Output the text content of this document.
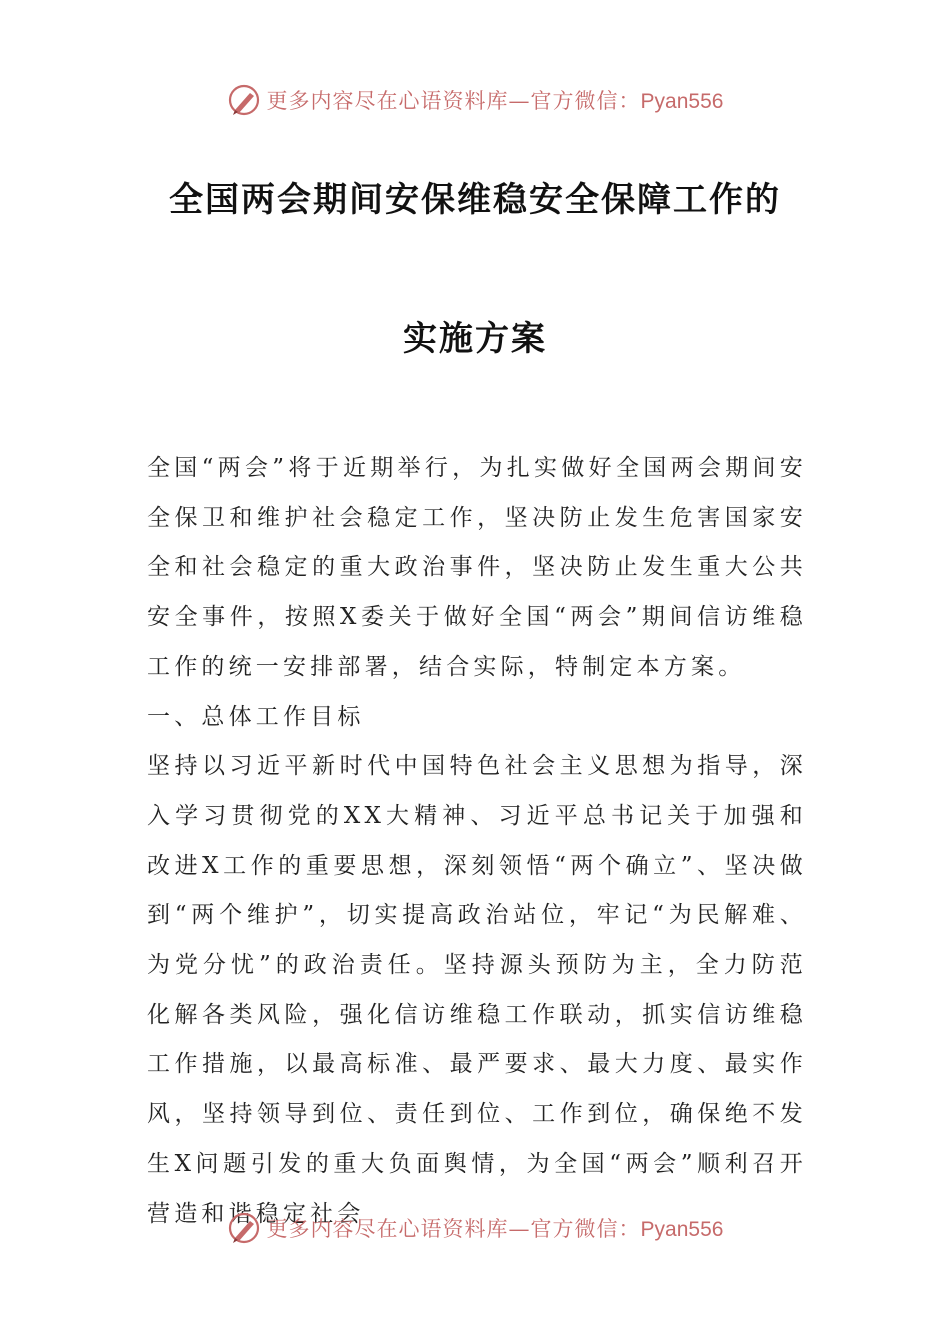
更多内容尽在心语资料库—官方微信：Pyan556
全国两会期间安保维稳安全保障工作的
实施方案

全国“两会”将于近期举行，为扎实做好全国两会期间安全保卫和维护社会稳定工作，坚决防止发生危害国家安全和社会稳定的重大政治事件，坚决防止发生重大公共安全事件，按照X委关于做好全国“两会”期间信访维稳工作的统一安排部署，结合实际，特制定本方案。

一、总体工作目标

坚持以习近平新时代中国特色社会主义思想为指导，深入学习贯彻党的XX大精神、习近平总书记关于加强和改进X工作的重要思想，深刻领悟“两个确立”、坚决做到“两个维护”，切实提高政治站位，牢记“为民解难、为党分忧”的政治责任。坚持源头预防为主，全力防范化解各类风险，强化信访维稳工作联动，抓实信访维稳工作措施，以最高标准、最严要求、最大力度、最实作风，坚持领导到位、责任到位、工作到位，确保绝不发生X问题引发的重大负面舆情，为全国“两会”顺利召开营造和谐稳定社会

更多内容尽在心语资料库—官方微信：Pyan556
